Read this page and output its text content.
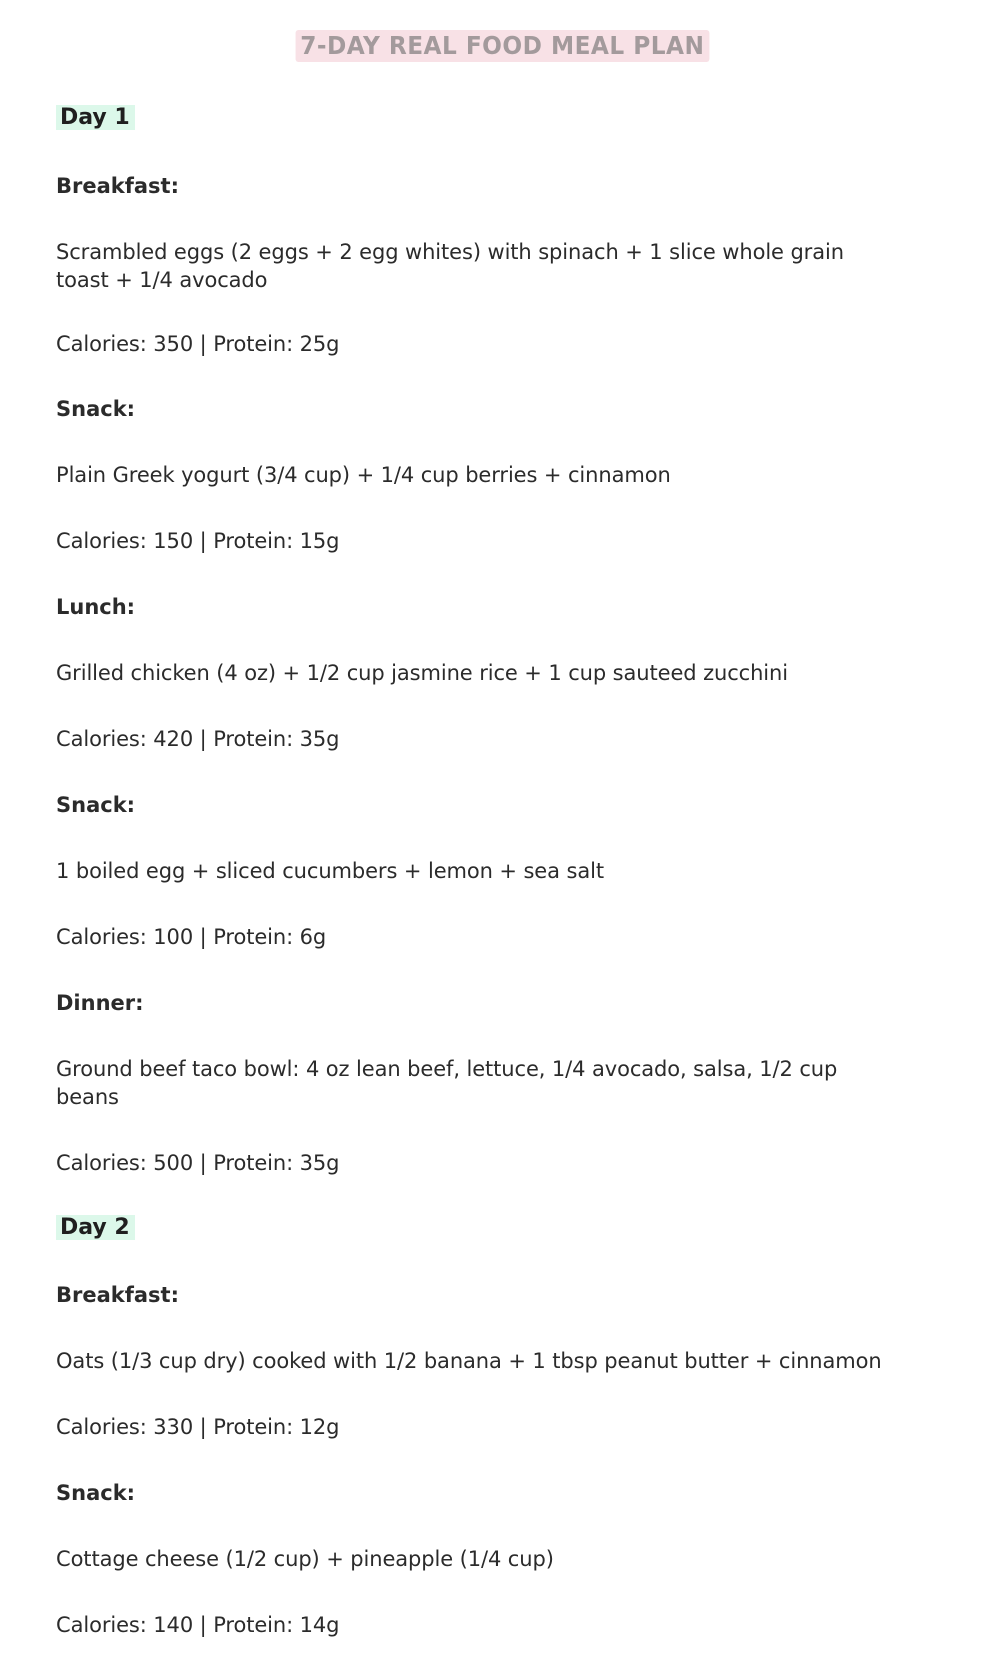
7-DAY REAL FOOD MEAL PLAN
Day 1
Breakfast:
Scrambled eggs (2 eggs + 2 egg whites) with spinach + 1 slice whole grain
toast + 1/4 avocado
Calories: 350 | Protein: 25g
Snack:
Plain Greek yogurt (3/4 cup) + 1/4 cup berries + cinnamon
Calories: 150 | Protein: 15g
Lunch:
Grilled chicken (4 oz) + 1/2 cup jasmine rice + 1 cup sauteed zucchini
Calories: 420 | Protein: 35g
Snack:
1 boiled egg + sliced cucumbers + lemon + sea salt
Calories: 100 | Protein: 6g
Dinner:
Ground beef taco bowl: 4 oz lean beef, lettuce, 1/4 avocado, salsa, 1/2 cup
beans
Calories: 500 | Protein: 35g
Day 2
Breakfast:
Oats (1/3 cup dry) cooked with 1/2 banana + 1 tbsp peanut butter + cinnamon
Calories: 330 | Protein: 12g
Snack:
Cottage cheese (1/2 cup) + pineapple (1/4 cup)
Calories: 140 | Protein: 14g
